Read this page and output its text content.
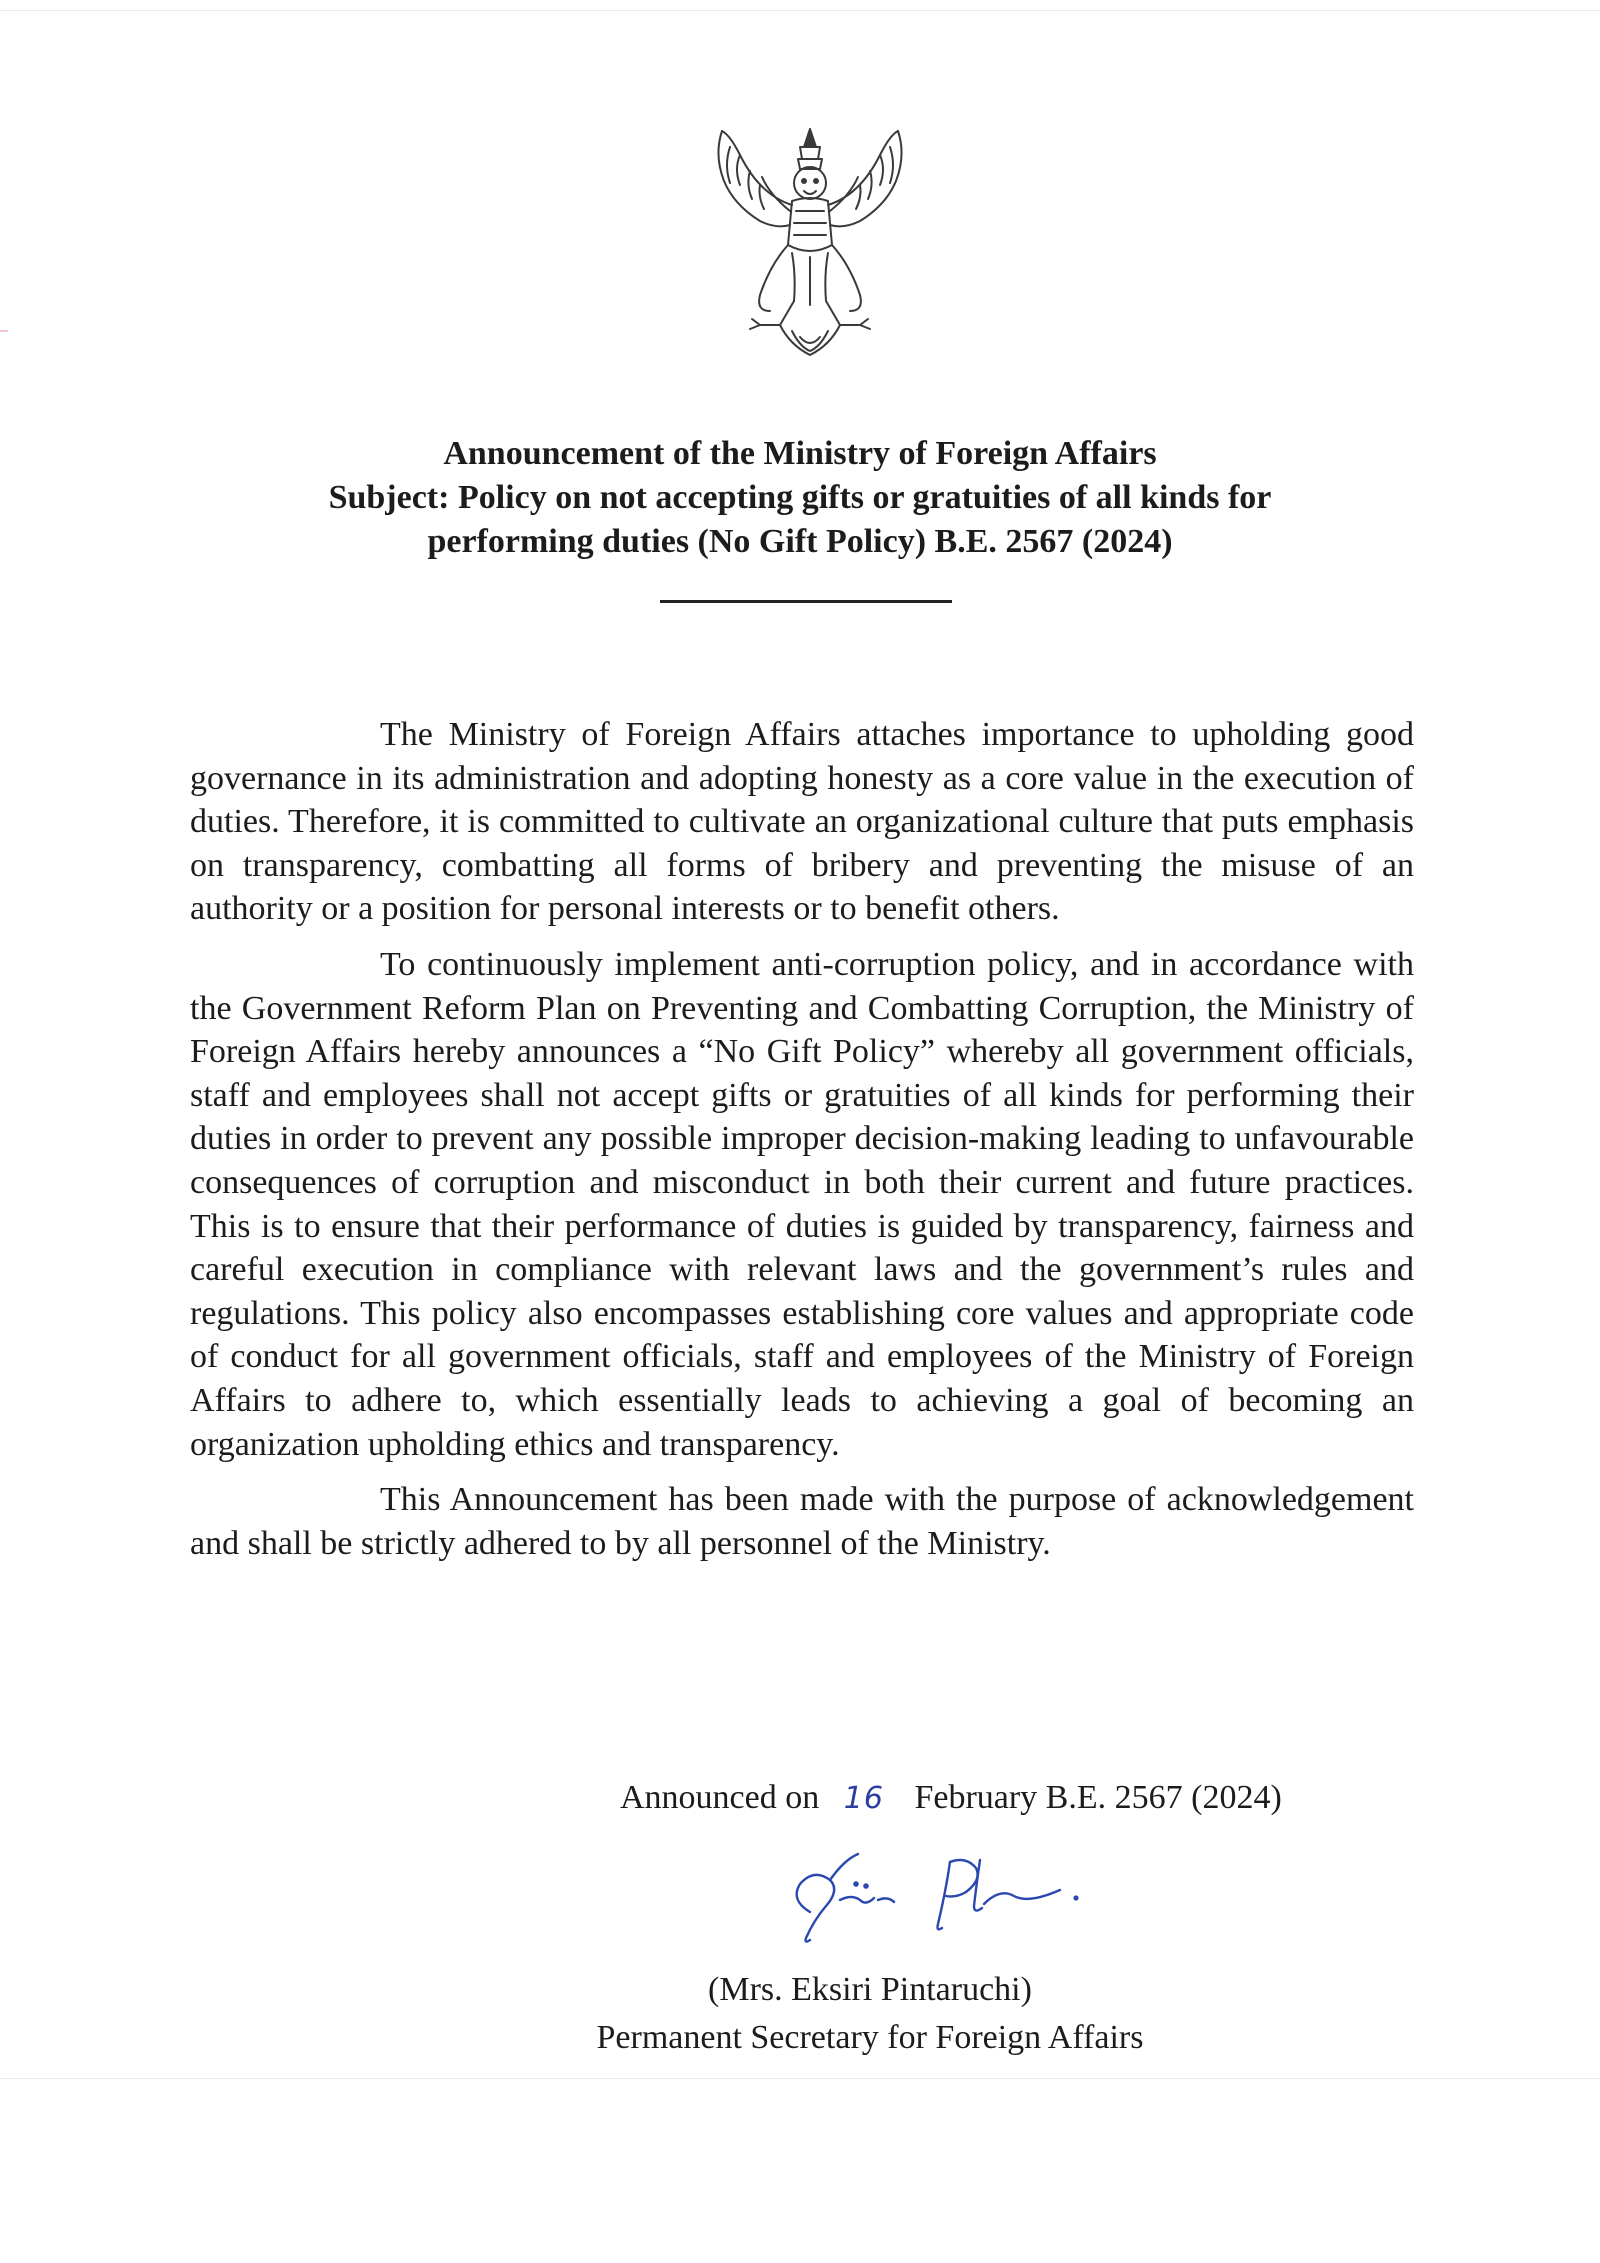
Announcement of the Ministry of Foreign Affairs
Subject: Policy on not accepting gifts or gratuities of all kinds for
performing duties (No Gift Policy) B.E. 2567 (2024)

The Ministry of Foreign Affairs attaches importance to upholding good governance in its administration and adopting honesty as a core value in the execution of duties. Therefore, it is committed to cultivate an organizational culture that puts emphasis on transparency, combatting all forms of bribery and preventing the misuse of an authority or a position for personal interests or to benefit others.

To continuously implement anti-corruption policy, and in accordance with the Government Reform Plan on Preventing and Combatting Corruption, the Ministry of Foreign Affairs hereby announces a “No Gift Policy” whereby all government officials, staff and employees shall not accept gifts or gratuities of all kinds for performing their duties in order to prevent any possible improper decision-making leading to unfavourable consequences of corruption and misconduct in both their current and future practices. This is to ensure that their performance of duties is guided by transparency, fairness and careful execution in compliance with relevant laws and the government’s rules and regulations. This policy also encompasses establishing core values and appropriate code of conduct for all government officials, staff and employees of the Ministry of Foreign Affairs to adhere to, which essentially leads to achieving a goal of becoming an organization upholding ethics and transparency.

This Announcement has been made with the purpose of acknowledgement and shall be strictly adhered to by all personnel of the Ministry.

Announced on 16 February B.E. 2567 (2024)
(Mrs. Eksiri Pintaruchi)
Permanent Secretary for Foreign Affairs
